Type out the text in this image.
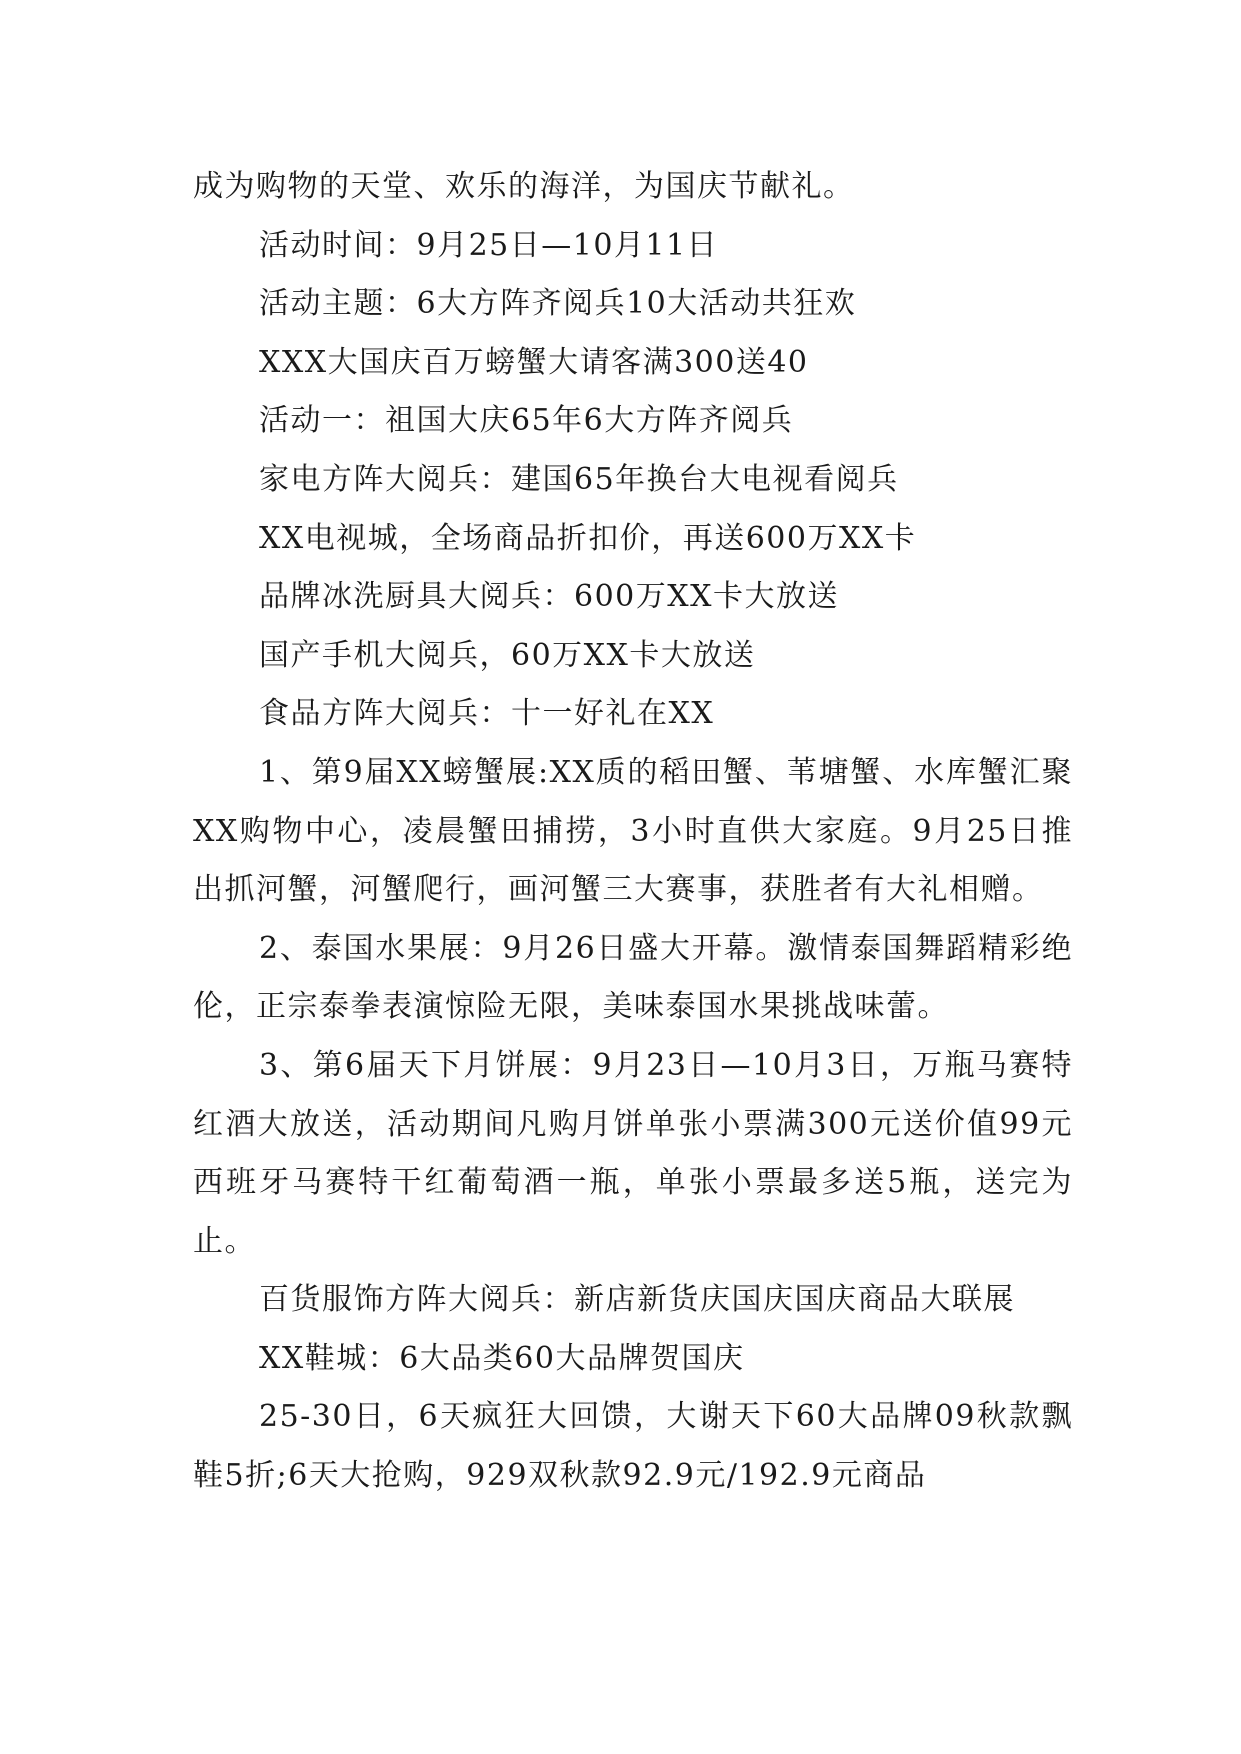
成为购物的天堂、欢乐的海洋，为国庆节献礼。

活动时间：9月25日—10月11日

活动主题：6大方阵齐阅兵10大活动共狂欢

XXX大国庆百万螃蟹大请客满300送40

活动一：祖国大庆65年6大方阵齐阅兵

家电方阵大阅兵：建国65年换台大电视看阅兵

XX电视城，全场商品折扣价，再送600万XX卡

品牌冰洗厨具大阅兵：600万XX卡大放送

国产手机大阅兵，60万XX卡大放送

食品方阵大阅兵：十一好礼在XX

1、第9届XX螃蟹展:XX质的稻田蟹、苇塘蟹、水库蟹汇聚XX购物中心，凌晨蟹田捕捞，3小时直供大家庭。9月25日推出抓河蟹，河蟹爬行，画河蟹三大赛事，获胜者有大礼相赠。

2、泰国水果展：9月26日盛大开幕。激情泰国舞蹈精彩绝伦，正宗泰拳表演惊险无限，美味泰国水果挑战味蕾。

3、第6届天下月饼展：9月23日—10月3日，万瓶马赛特红酒大放送，活动期间凡购月饼单张小票满300元送价值99元西班牙马赛特干红葡萄酒一瓶，单张小票最多送5瓶，送完为止。

百货服饰方阵大阅兵：新店新货庆国庆国庆商品大联展

XX鞋城：6大品类60大品牌贺国庆

25-30日，6天疯狂大回馈，大谢天下60大品牌09秋款飘鞋5折;6天大抢购，929双秋款92.9元/192.9元商品
